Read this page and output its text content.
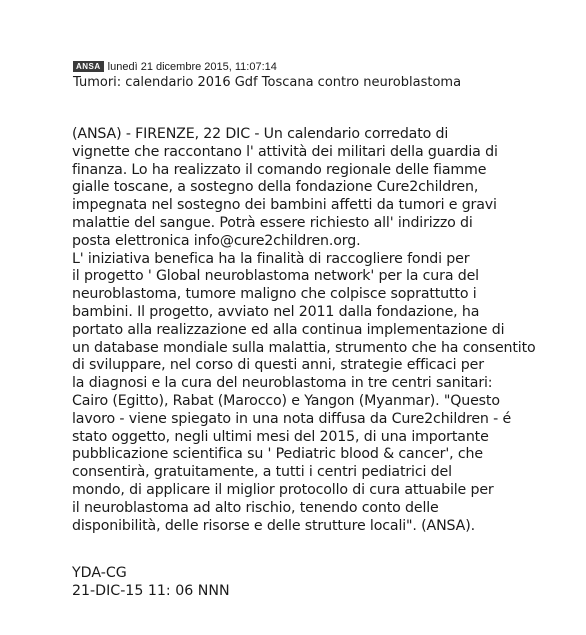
ANSA lunedì 21 dicembre 2015, 11:07:14
Tumori: calendario 2016 Gdf Toscana contro neuroblastoma
(ANSA) - FIRENZE, 22 DIC - Un calendario corredato di
vignette che raccontano l' attività dei militari della guardia di
finanza. Lo ha realizzato il comando regionale delle fiamme
gialle toscane, a sostegno della fondazione Cure2children,
impegnata nel sostegno dei bambini affetti da tumori e gravi
malattie del sangue. Potrà essere richiesto all' indirizzo di
posta elettronica info@cure2children.org.
L' iniziativa benefica ha la finalità di raccogliere fondi per
il progetto ' Global neuroblastoma network' per la cura del
neuroblastoma, tumore maligno che colpisce soprattutto i
bambini. Il progetto, avviato nel 2011 dalla fondazione, ha
portato alla realizzazione ed alla continua implementazione di
un database mondiale sulla malattia, strumento che ha consentito
di sviluppare, nel corso di questi anni, strategie efficaci per
la diagnosi e la cura del neuroblastoma in tre centri sanitari:
Cairo (Egitto), Rabat (Marocco) e Yangon (Myanmar). "Questo
lavoro - viene spiegato in una nota diffusa da Cure2children - é
stato oggetto, negli ultimi mesi del 2015, di una importante
pubblicazione scientifica su ' Pediatric blood & cancer', che
consentirà, gratuitamente, a tutti i centri pediatrici del
mondo, di applicare il miglior protocollo di cura attuabile per
il neuroblastoma ad alto rischio, tenendo conto delle
disponibilità, delle risorse e delle strutture locali". (ANSA).
YDA-CG
21-DIC-15 11: 06 NNN
